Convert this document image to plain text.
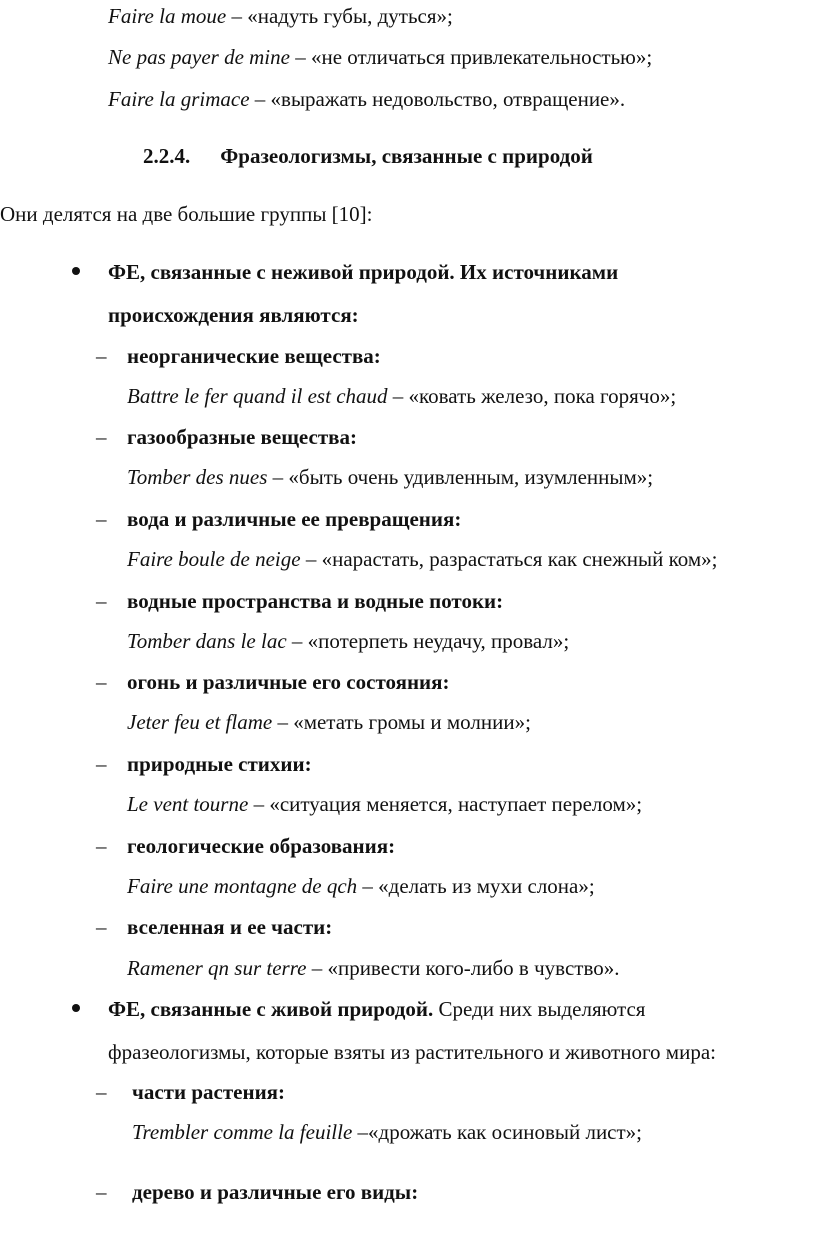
Faire la moue – «надуть губы, дуться»;
Ne pas payer de mine – «не отличаться привлекательностью»;
Faire la grimace – «выражать недовольство, отвращение».
2.2.4. Фразеологизмы, связанные с природой
Они делятся на две большие группы [10]:
ФЕ, связанные с неживой природой. Их источниками
происхождения являются:
– неорганические вещества:
Battre le fer quand il est chaud – «ковать железо, пока горячо»;
– газообразные вещества:
Tomber des nues – «быть очень удивленным, изумленным»;
– вода и различные ее превращения:
Faire boule de neige – «нарастать, разрастаться как снежный ком»;
– водные пространства и водные потоки:
Tomber dans le lac – «потерпеть неудачу, провал»;
– огонь и различные его состояния:
Jeter feu et flame – «метать громы и молнии»;
– природные стихии:
Le vent tourne – «ситуация меняется, наступает перелом»;
– геологические образования:
Faire une montagne de qch – «делать из мухи слона»;
– вселенная и ее части:
Ramener qn sur terre – «привести кого-либо в чувство».
ФЕ, связанные с живой природой. Среди них выделяются
фразеологизмы, которые взяты из растительного и животного мира:
– части растения:
Trembler comme la feuille –«дрожать как осиновый лист»;
– дерево и различные его виды:
